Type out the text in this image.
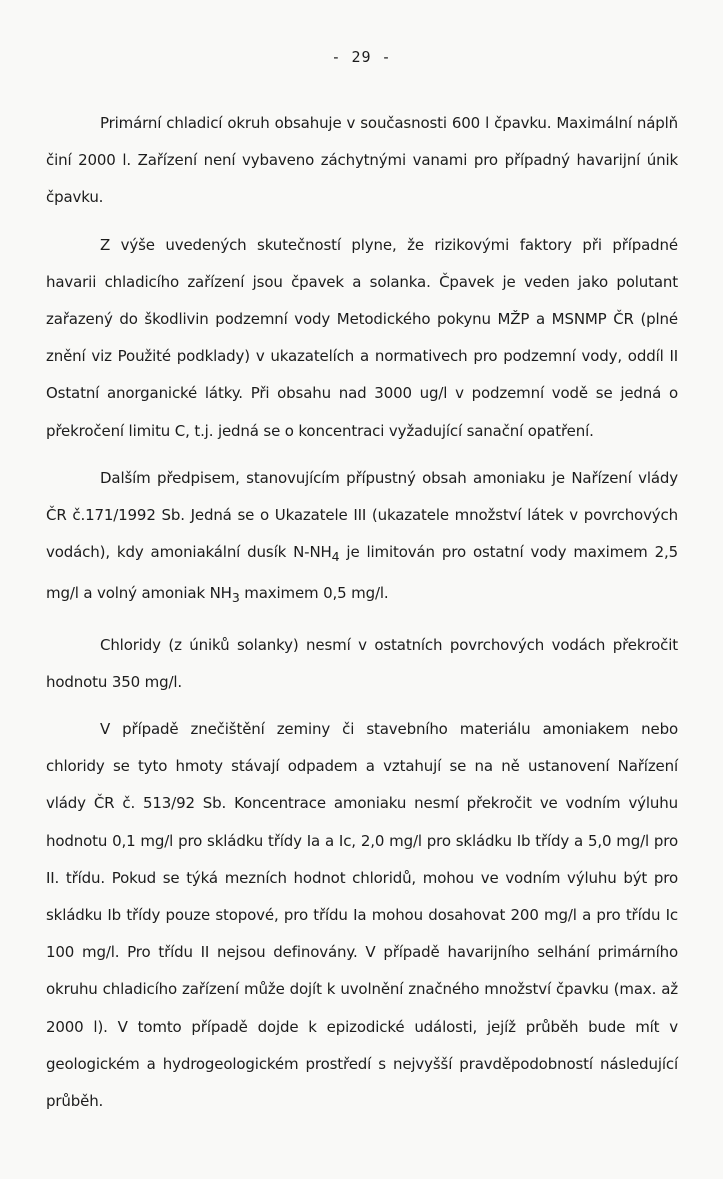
- 29 -

Primární chladicí okruh obsahuje v současnosti 600 l čpavku. Maximální náplň činí 2000 l. Zařízení není vybaveno záchytnými vanami pro případný havarijní únik čpavku.

Z výše uvedených skutečností plyne, že rizikovými faktory při případné havarii chladicího zařízení jsou čpavek a solanka. Čpavek je veden jako polutant zařazený do škodlivin podzemní vody Metodického pokynu MŽP a MSNMP ČR (plné znění viz Použité podklady) v ukazatelích a normativech pro podzemní vody, oddíl II Ostatní anorganické látky. Při obsahu nad 3000 ug/l v podzemní vodě se jedná o překročení limitu C, t.j. jedná se o koncentraci vyžadující sanační opatření.

Dalším předpisem, stanovujícím přípustný obsah amoniaku je Nařízení vlády ČR č.171/1992 Sb. Jedná se o Ukazatele III (ukazatele množství látek v povrchových vodách), kdy amoniakální dusík $N-NH_4$ je limitován pro ostatní vody maximem 2,5 mg/l a volný amoniak $NH_3$ maximem 0,5 mg/l.

Chloridy (z úniků solanky) nesmí v ostatních povrchových vodách překročit hodnotu 350 mg/l.

V případě znečištění zeminy či stavebního materiálu amoniakem nebo chloridy se tyto hmoty stávají odpadem a vztahují se na ně ustanovení Nařízení vlády ČR č. 513/92 Sb. Koncentrace amoniaku nesmí překročit ve vodním výluhu hodnotu 0,1 mg/l pro skládku třídy Ia a Ic, 2,0 mg/l pro skládku Ib třídy a 5,0 mg/l pro II. třídu. Pokud se týká mezních hodnot chloridů, mohou ve vodním výluhu být pro skládku Ib třídy pouze stopové, pro třídu Ia mohou dosahovat 200 mg/l a pro třídu Ic 100 mg/l. Pro třídu II nejsou definovány. V případě havarijního selhání primárního okruhu chladicího zařízení může dojít k uvolnění značného množství čpavku (max. až 2000 l). V tomto případě dojde k epizodické události, jejíž průběh bude mít v geologickém a hydrogeologickém prostředí s nejvyšší pravděpodobností následující průběh.
